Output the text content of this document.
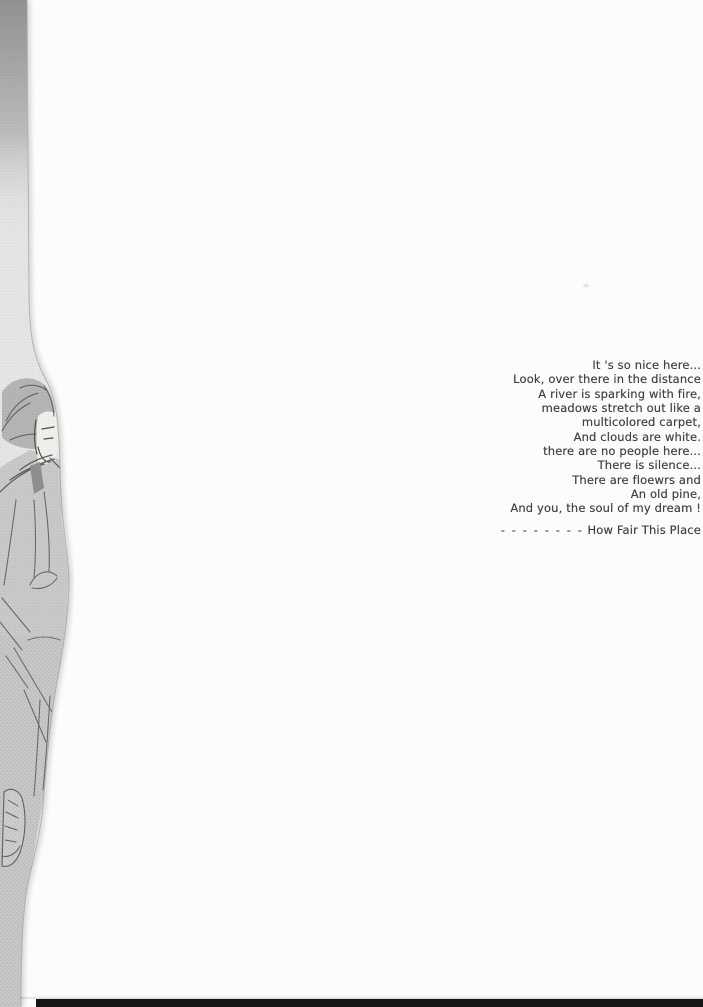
It 's so nice here...
Look, over there in the distance
A river is sparking with fire,
meadows stretch out like a
multicolored carpet,
And clouds are white.
there are no people here...
There is silence...
There are floewrs and
An old pine,
And you, the soul of my dream !
- - - - - - - - How Fair This Place
